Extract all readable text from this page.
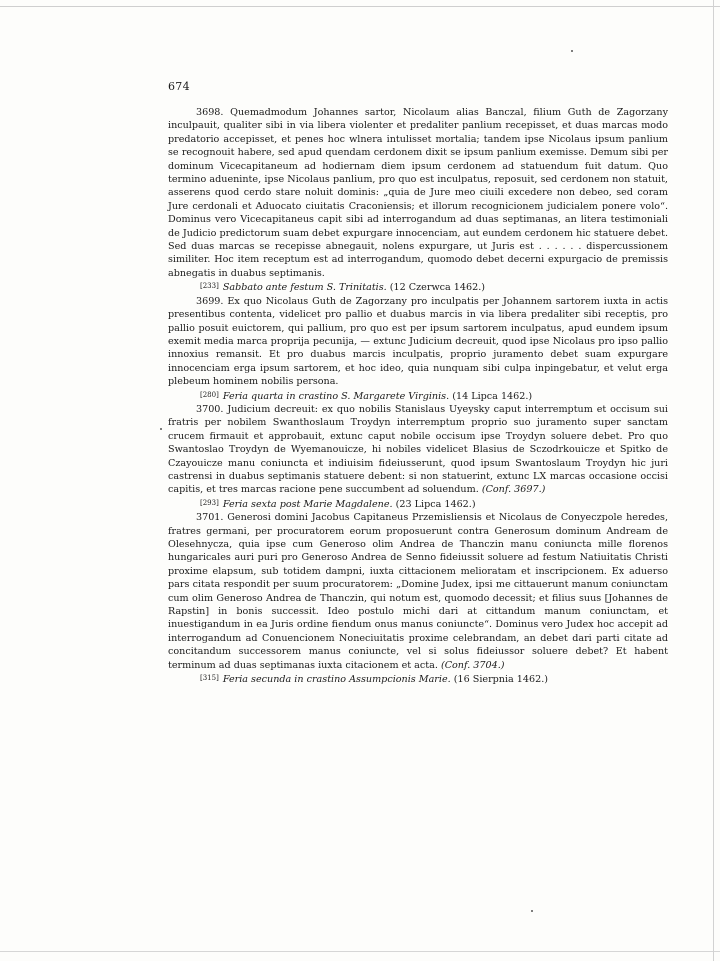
674

3698. Quemadmodum Johannes sartor, Nicolaum alias Banczal, filium Guth de Zagorzany inculpauit, qualiter sibi in via libera violenter et predaliter panlium recepisset, et duas marcas modo predatorio accepisset, et penes hoc wlnera intulisset mortalia; tandem ipse Nicolaus ipsum panlium se recognouit habere, sed apud quendam cerdonem dixit se ipsum panlium exemisse. Demum sibi per dominum Vicecapitaneum ad hodiernam diem ipsum cerdonem ad statuendum fuit datum. Quo termino adueninte, ipse Nicolaus panlium, pro quo est inculpatus, reposuit, sed cerdonem non statuit, asserens quod cerdo stare noluit dominis: „quia de Jure meo ciuili excedere non debeo, sed coram Jure cerdonali et Aduocato ciuitatis Craconiensis; et illorum recognicionem judicialem ponere volo“. Dominus vero Vicecapitaneus capit sibi ad interrogandum ad duas septimanas, an litera testimoniali de Judicio predictorum suam debet expurgare innocenciam, aut eundem cerdonem hic statuere debet. Sed duas marcas se recepisse abnegauit, nolens expurgare, ut Juris est . . . . . . dispercussionem similiter. Hoc item receptum est ad interrogandum, quomodo debet decerni expurgacio de premissis abnegatis in duabus septimanis.

[233] Sabbato ante festum S. Trinitatis. (12 Czerwca 1462.)

3699. Ex quo Nicolaus Guth de Zagorzany pro inculpatis per Johannem sartorem iuxta in actis presentibus contenta, videlicet pro pallio et duabus marcis in via libera predaliter sibi receptis, pro pallio posuit euictorem, qui pallium, pro quo est per ipsum sartorem inculpatus, apud eundem ipsum exemit media marca proprija pecunija, — extunc Judicium decreuit, quod ipse Nicolaus pro ipso pallio innoxius remansit. Et pro duabus marcis inculpatis, proprio juramento debet suam expurgare innocenciam erga ipsum sartorem, et hoc ideo, quia nunquam sibi culpa inpingebatur, et velut erga plebeum hominem nobilis persona.

[280] Feria quarta in crastino S. Margarete Virginis. (14 Lipca 1462.)

3700. Judicium decreuit: ex quo nobilis Stanislaus Uyeysky caput interremptum et occisum sui fratris per nobilem Swanthoslaum Troydyn interremptum proprio suo juramento super sanctam crucem firmauit et approbauit, extunc caput nobile occisum ipse Troydyn soluere debet. Pro quo Swantoslao Troydyn de Wyemanouicze, hi nobiles videlicet Blasius de Sczodrkouicze et Spitko de Czayouicze manu coniuncta et indiuisim fideiusserunt, quod ipsum Swantoslaum Troydyn hic juri castrensi in duabus septimanis statuere debent: si non statuerint, extunc LX marcas occasione occisi capitis, et tres marcas racione pene succumbent ad soluendum. (Conf. 3697.)

[293] Feria sexta post Marie Magdalene. (23 Lipca 1462.)

3701. Generosi domini Jacobus Capitaneus Przemisliensis et Nicolaus de Conyeczpole heredes, fratres germani, per procuratorem eorum proposuerunt contra Generosum dominum Andream de Olesehnycza, quia ipse cum Generoso olim Andrea de Thanczin manu coniuncta mille florenos hungaricales auri puri pro Generoso Andrea de Senno fideiussit soluere ad festum Natiuitatis Christi proxime elapsum, sub totidem dampni, iuxta cittacionem melioratam et inscripcionem. Ex aduerso pars citata respondit per suum procuratorem: „Domine Judex, ipsi me cittauerunt manum coniunctam cum olim Generoso Andrea de Thanczin, qui notum est, quomodo decessit; et filius suus [Johannes de Rapstin] in bonis successit. Ideo postulo michi dari at cittandum manum coniunctam, et inuestigandum in ea Juris ordine fiendum onus manus coniuncte“. Dominus vero Judex hoc accepit ad interrogandum ad Conuencionem Noneciuitatis proxime celebrandam, an debet dari parti citate ad concitandum successorem manus coniuncte, vel si solus fideiussor soluere debet? Et habent terminum ad duas septimanas iuxta citacionem et acta. (Conf. 3704.)

[315] Feria secunda in crastino Assumpcionis Marie. (16 Sierpnia 1462.)
